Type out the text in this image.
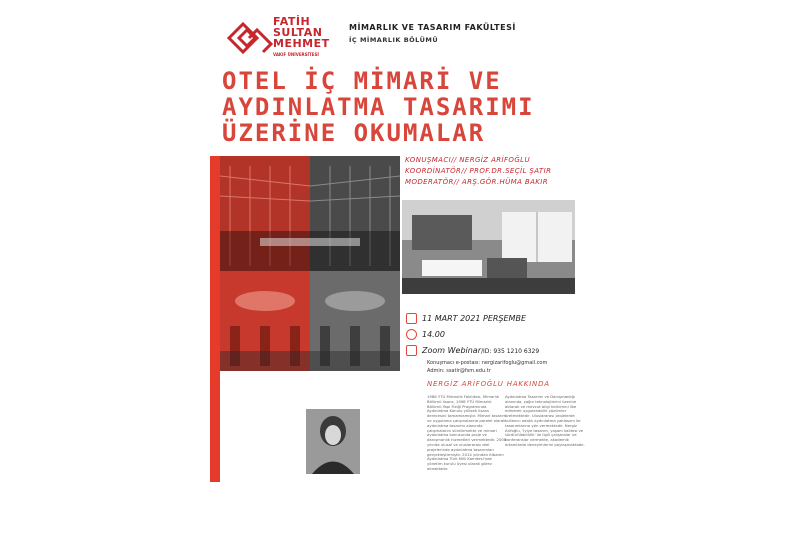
FATİH
SULTAN
MEHMET
VAKIF ÜNİVERSİTESİ
MİMARLIK VE TASARIM FAKÜLTESİ
İÇ MİMARLIK BÖLÜMÜ
OTEL İÇ MİMARİ VE
AYDINLATMA TASARIMI
ÜZERİNE OKUMALAR
KONUŞMACI// NERGİZ ARİFOĞLU
KOORDİNATÖR// PROF.DR.SEÇİL ŞATIR
MODERATÖR// ARŞ.GÖR.HÜMA BAKIR
11 MART 2021 PERŞEMBE
14.00
Zoom Webinar/ID: 935 1210 6329
Konuşmacı e-postası: nergizarifoglu@gmail.com
Admin: ssatir@fsm.edu.tr
NERGİZ ARİFOĞLU HAKKINDA
1986 YTÜ Mimarlık Fakültesi, Mimarlık Bölümü lisans, 1998 YTÜ Mimarlık Bölümü Yapı Fiziği Programında Aydınlatma Konulu yüksek lisans derecesini tamamlamıştır. Mimari tasarım ve uygulama çalışmalarına paralel olarak aydınlatma tasarımı alanında çalışmalarını sürdürmekte ve mimari aydınlatma konusunda proje ve danışmanlık hizmetleri vermektedir. 2008 yılında ulusal ve uluslararası otel projelerinde aydınlatma tasarımları gerçekleştirmiştir. 2014 yılından itibaren Aydınlatma Türk Milli Komitesi'nde yönetim kurulu üyesi olarak görev almaktadır.
Aydınlatma Tasarımı ve Danışmanlığı alanında, çağın teknolojilerini üzerine aktarak ve mevcut bilgi birikimini ilke edinerek uygulanabilir çözümler üretmektedir. Uluslararası projelerde kullanıcı odaklı aydınlatma yaklaşımı ile tasarımlarına yön vermektedir. Nergiz Arifoğlu, 'İyiye tasarım, yaşam kalitesi ve sürdürülebilirlik' ile ilgili çalışmalar ve konferanslar vermekte, akademik ortamlarda deneyimlerini paylaşmaktadır.
